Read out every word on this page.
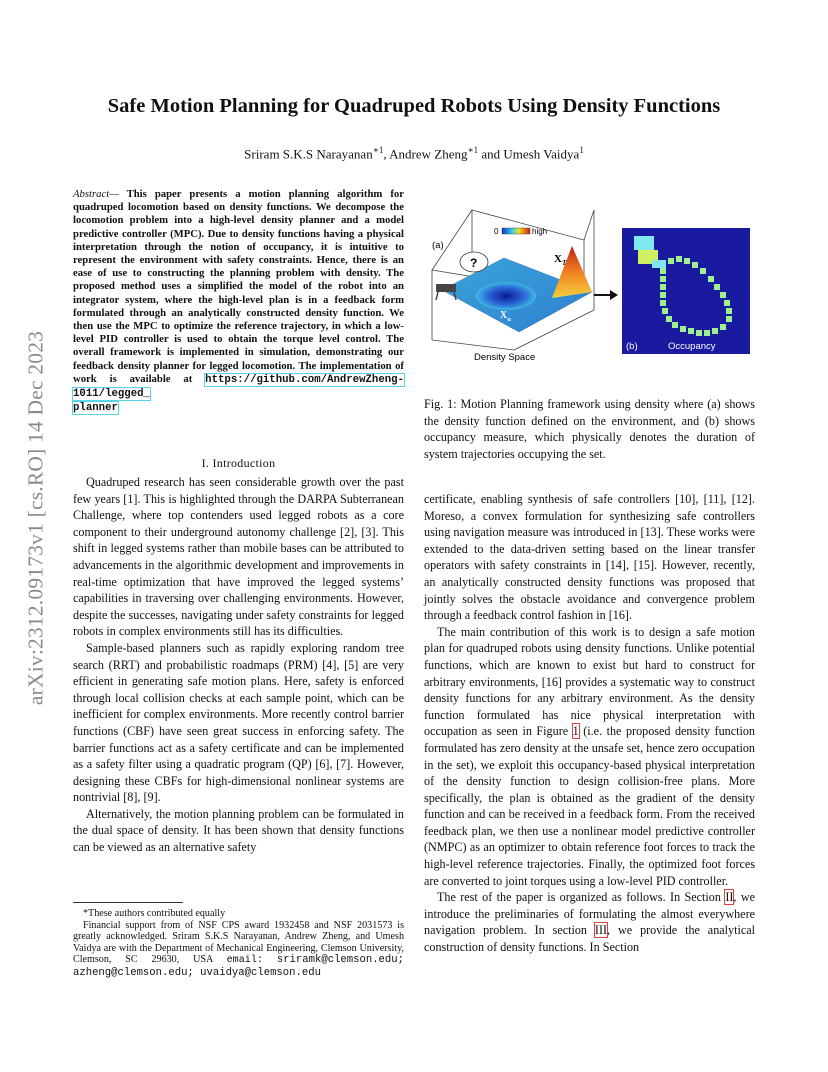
arXiv:2312.09173v1 [cs.RO] 14 Dec 2023
Safe Motion Planning for Quadruped Robots Using Density Functions
Sriram S.K.S Narayanan$^{∗1}$, Andrew Zheng$^{∗1}$ and Umesh Vaidya$^1$
Abstract— This paper presents a motion planning algorithm for quadruped locomotion based on density functions. We decompose the locomotion problem into a high-level density planner and a model predictive controller (MPC). Due to density functions having a physical interpretation through the notion of occupancy, it is intuitive to represent the environment with safety constraints. Hence, there is an ease of use to constructing the planning problem with density. The proposed method uses a simplified the model of the robot into an integrator system, where the high-level plan is in a feedback form formulated through an analytically constructed density function. We then use the MPC to optimize the reference trajectory, in which a low-level PID controller is used to obtain the torque level control. The overall framework is implemented in simulation, demonstrating our feedback density planner for legged locomotion. The implementation of work is available at https://github.com/AndrewZheng-1011/legged_
planner
I. Introduction

Quadruped research has seen considerable growth over the past few years [1]. This is highlighted through the DARPA Subterranean Challenge, where top contenders used legged robots as a core component to their underground autonomy challenge [2], [3]. This shift in legged systems rather than mobile bases can be attributed to advancements in the algorithmic development and improvements in real-time optimization that have improved the legged systems’ capabilities in traversing over challenging environments. However, despite the successes, navigating under safety constraints for legged robots in complex environments still has its difficulties.

Sample-based planners such as rapidly exploring random tree search (RRT) and probabilistic roadmaps (PRM) [4], [5] are very efficient in generating safe motion plans. Here, safety is enforced through local collision checks at each sample point, which can be inefficient for complex environments. More recently control barrier functions (CBF) have seen great success in enforcing safety. The barrier functions act as a safety certificate and can be implemented as a safety filter using a quadratic program (QP) [6], [7]. However, designing these CBFs for high-dimensional nonlinear systems are nontrivial [8], [9].

Alternatively, the motion planning problem can be formulated in the dual space of density. It has been shown that density functions can be viewed as an alternative safety

*These authors contributed equally
Financial support from of NSF CPS award 1932458 and NSF 2031573 is greatly acknowledged. Sriram S.K.S Narayanan, Andrew Zheng, and Umesh Vaidya are with the Department of Mechanical Engineering, Clemson University, Clemson, SC 29630, USA email: sriramk@clemson.edu; azheng@clemson.edu; uvaidya@clemson.edu
0	high
?
(a)
$X_T$
$X_u$
Density Space
(b)	Occupancy
Fig. 1: Motion Planning framework using density where (a) shows the density function defined on the environment, and (b) shows occupancy measure, which physically denotes the duration of system trajectories occupying the set.

certificate, enabling synthesis of safe controllers [10], [11], [12]. Moreso, a convex formulation for synthesizing safe controllers using navigation measure was introduced in [13]. These works were extended to the data-driven setting based on the linear transfer operators with safety constraints in [14], [15]. However, recently, an analytically constructed density functions was proposed that jointly solves the obstacle avoidance and convergence problem through a feedback control fashion in [16].

The main contribution of this work is to design a safe motion plan for quadruped robots using density functions. Unlike potential functions, which are known to exist but hard to construct for arbitrary environments, [16] provides a systematic way to construct density functions for any arbitrary environment. As the density function formulated has nice physical interpretation with occupation as seen in Figure 1 (i.e. the proposed density function formulated has zero density at the unsafe set, hence zero occupation in the set), we exploit this occupancy-based physical interpretation of the density function to design collision-free plans. More specifically, the plan is obtained as the gradient of the density function and can be received in a feedback form. From the received feedback plan, we then use a nonlinear model predictive controller (NMPC) as an optimizer to obtain reference foot forces to track the high-level reference trajectories. Finally, the optimized foot forces are converted to joint torques using a low-level PID controller.

The rest of the paper is organized as follows. In Section II, we introduce the preliminaries of formulating the almost everywhere navigation problem. In section III, we provide the analytical construction of density functions. In Section
